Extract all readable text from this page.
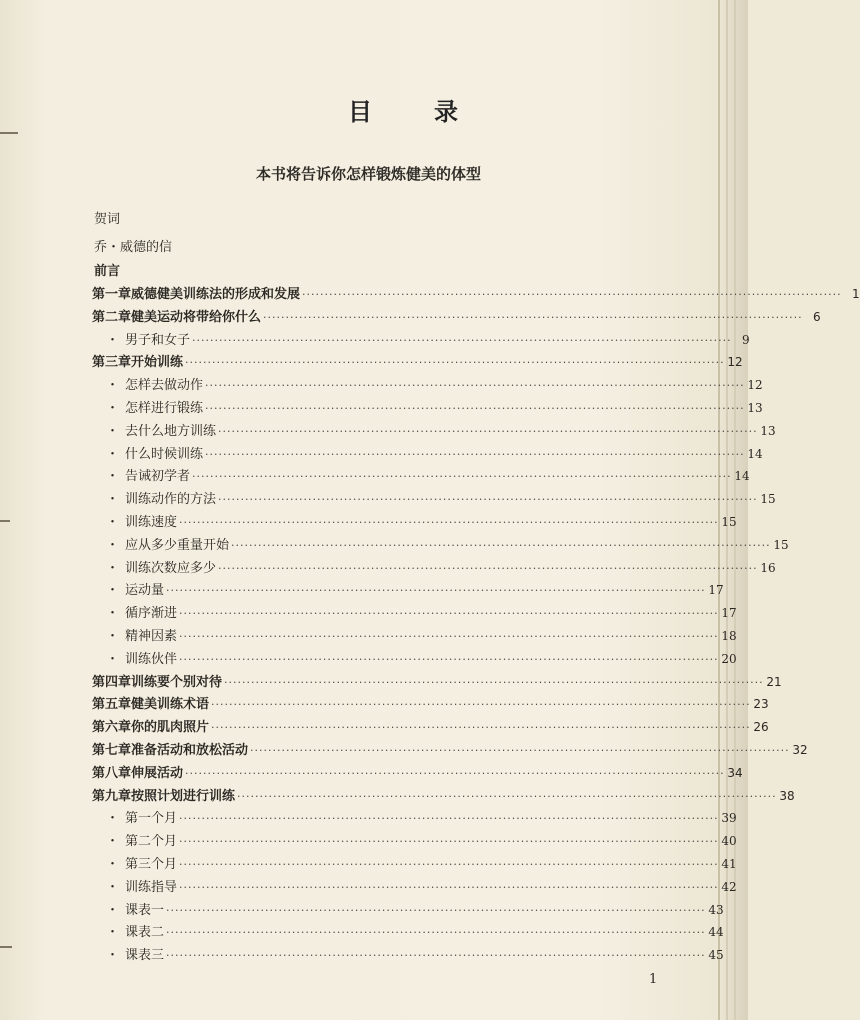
目录
本书将告诉你怎样锻炼健美的体型
贺词
乔・威德的信
前言
第一章 威德健美训练法的形成和发展 ························································································································ 1
第二章 健美运动将带给你什么 ························································································································ 6
・ 男子和女子 ························································································································ 9
第三章 开始训练 ························································································································ 12
・ 怎样去做动作 ························································································································ 12
・ 怎样进行锻练 ························································································································ 13
・ 去什么地方训练 ························································································································ 13
・ 什么时候训练 ························································································································ 14
・ 告诫初学者 ························································································································ 14
・ 训练动作的方法 ························································································································ 15
・ 训练速度 ························································································································ 15
・ 应从多少重量开始 ························································································································ 15
・ 训练次数应多少 ························································································································ 16
・ 运动量 ························································································································ 17
・ 循序渐进 ························································································································ 17
・ 精神因素 ························································································································ 18
・ 训练伙伴 ························································································································ 20
第四章 训练要个别对待 ························································································································ 21
第五章 健美训练术语 ························································································································ 23
第六章 你的肌肉照片 ························································································································ 26
第七章 准备活动和放松活动 ························································································································ 32
第八章 伸展活动 ························································································································ 34
第九章 按照计划进行训练 ························································································································ 38
・ 第一个月 ························································································································ 39
・ 第二个月 ························································································································ 40
・ 第三个月 ························································································································ 41
・ 训练指导 ························································································································ 42
・ 课表一 ························································································································ 43
・ 课表二 ························································································································ 44
・ 课表三 ························································································································ 45
1
